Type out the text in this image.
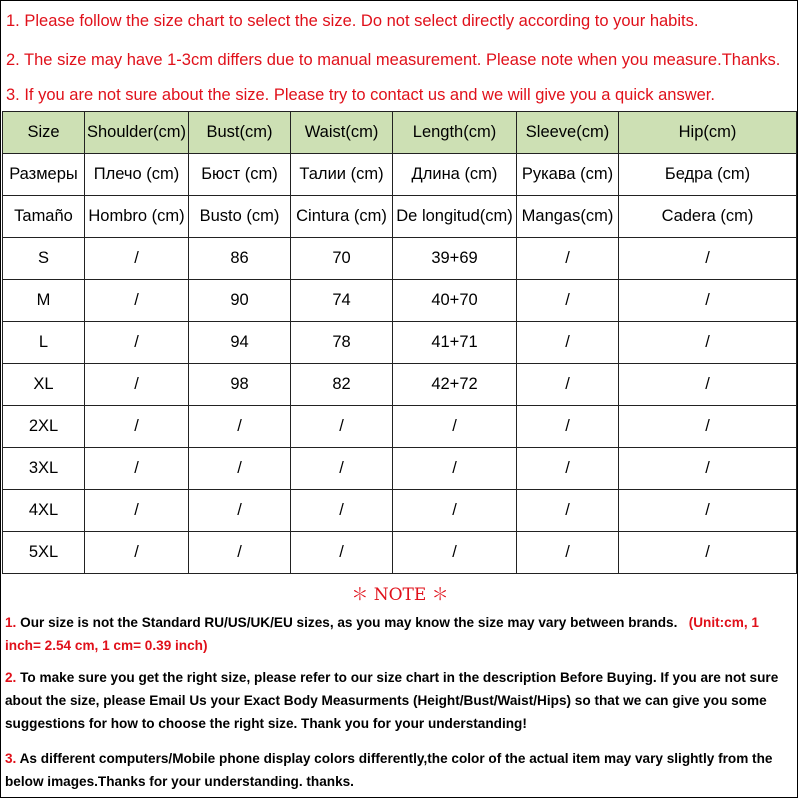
1. Please follow the size chart to select the size. Do not select directly according to your habits.
2. The size may have 1-3cm differs due to manual measurement. Please note when you measure.Thanks.
3. If you are not sure about the size. Please try to contact us and we will give you a quick answer.
Size	Shoulder(cm)	Bust(cm)	Waist(cm)	Length(cm)	Sleeve(cm)	Hip(cm)
Размеры	Плечо (cm)	Бюст (cm)	Талии (cm)	Длина (cm)	Рукава (cm)	Бедра (cm)
Tamaño	Hombro (cm)	Busto (cm)	Cintura (cm)	De longitud(cm)	Mangas(cm)	Cadera (cm)
S	/	86	70	39+69	/	/
M	/	90	74	40+70	/	/
L	/	94	78	41+71	/	/
XL	/	98	82	42+72	/	/
2XL	/	/	/	/	/	/
3XL	/	/	/	/	/	/
4XL	/	/	/	/	/	/
5XL	/	/	/	/	/	/
＊ NOTE ＊
1. Our size is not the Standard RU/US/UK/EU sizes, as you may know the size may vary between brands. (Unit:cm, 1 inch= 2.54 cm, 1 cm= 0.39 inch)
2. To make sure you get the right size, please refer to our size chart in the description Before Buying. If you are not sure about the size, please Email Us your Exact Body Measurments (Height/Bust/Waist/Hips) so that we can give you some suggestions for how to choose the right size. Thank you for your understanding!
3. As different computers/Mobile phone display colors differently,the color of the actual item may vary slightly from the below images.Thanks for your understanding. thanks.
